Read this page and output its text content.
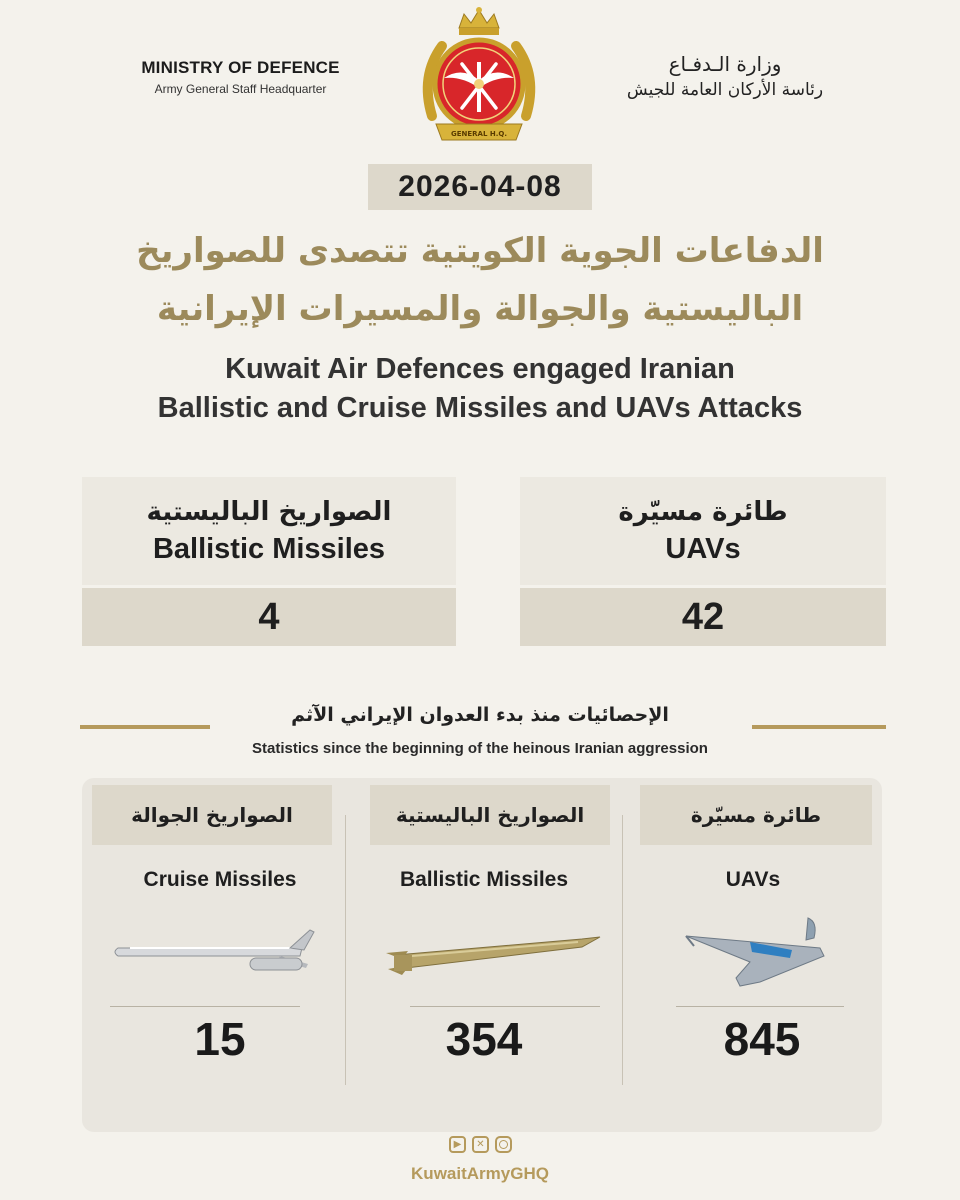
MINISTRY OF DEFENCE
Army General Staff Headquarter
GENERAL H.Q.
وزارة الـدفـاع
رئاسة الأركان العامة للجيش
2026-04-08
الدفاعات الجوية الكويتية تتصدى للصواريخ
الباليستية والجوالة والمسيرات الإيرانية
Kuwait Air Defences engaged Iranian
Ballistic and Cruise Missiles and UAVs Attacks
الصواريخ الباليستية
Ballistic Missiles
4
طائرة مسيّرة
UAVs
42
الإحصائيات منذ بدء العدوان الإيراني الآثم
Statistics since the beginning of the heinous Iranian aggression
الصواريخ الجوالة
Cruise Missiles
15
الصواريخ الباليستية
Ballistic Missiles
354
طائرة مسيّرة
UAVs
845
▶	✕
KuwaitArmyGHQ
